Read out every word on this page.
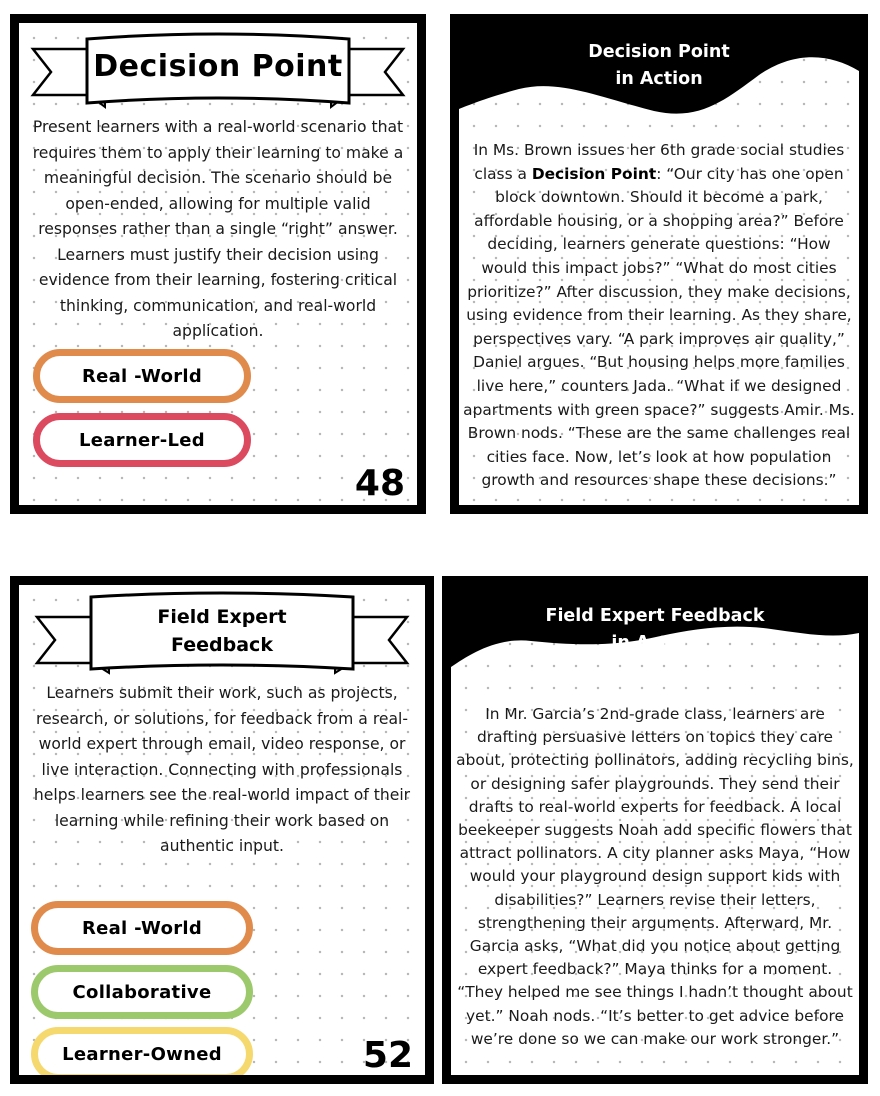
Decision Point
Present learners with a real-world scenario that requires them to apply their learning to make a meaningful decision. The scenario should be open-ended, allowing for multiple valid responses rather than a single “right” answer. Learners must justify their decision using evidence from their learning, fostering critical thinking, communication, and real-world application.
Real -World
Learner-Led
48
Decision Point
in Action
In Ms. Brown issues her 6th grade social studies class a Decision Point: “Our city has one open block downtown. Should it become a park, affordable housing, or a shopping area?” Before deciding, learners generate questions: “How would this impact jobs?” “What do most cities prioritize?” After discussion, they make decisions, using evidence from their learning. As they share, perspectives vary. “A park improves air quality,” Daniel argues. “But housing helps more families live here,” counters Jada. “What if we designed apartments with green space?” suggests Amir. Ms. Brown nods. “These are the same challenges real cities face. Now, let’s look at how population growth and resources shape these decisions.”
Field Expert
Feedback
Learners submit their work, such as projects, research, or solutions, for feedback from a real-world expert through email, video response, or live interaction. Connecting with professionals helps learners see the real-world impact of their learning while refining their work based on authentic input.
Real -World
Collaborative
Learner-Owned	52
Field Expert Feedback
in Action
In Mr. Garcia’s 2nd-grade class, learners are drafting persuasive letters on topics they care about, protecting pollinators, adding recycling bins, or designing safer playgrounds. They send their drafts to real-world experts for feedback. A local beekeeper suggests Noah add specific flowers that attract pollinators. A city planner asks Maya, “How would your playground design support kids with disabilities?” Learners revise their letters, strengthening their arguments. Afterward, Mr. Garcia asks, “What did you notice about getting expert feedback?” Maya thinks for a moment. “They helped me see things I hadn’t thought about yet.” Noah nods. “It’s better to get advice before we’re done so we can make our work stronger.”
